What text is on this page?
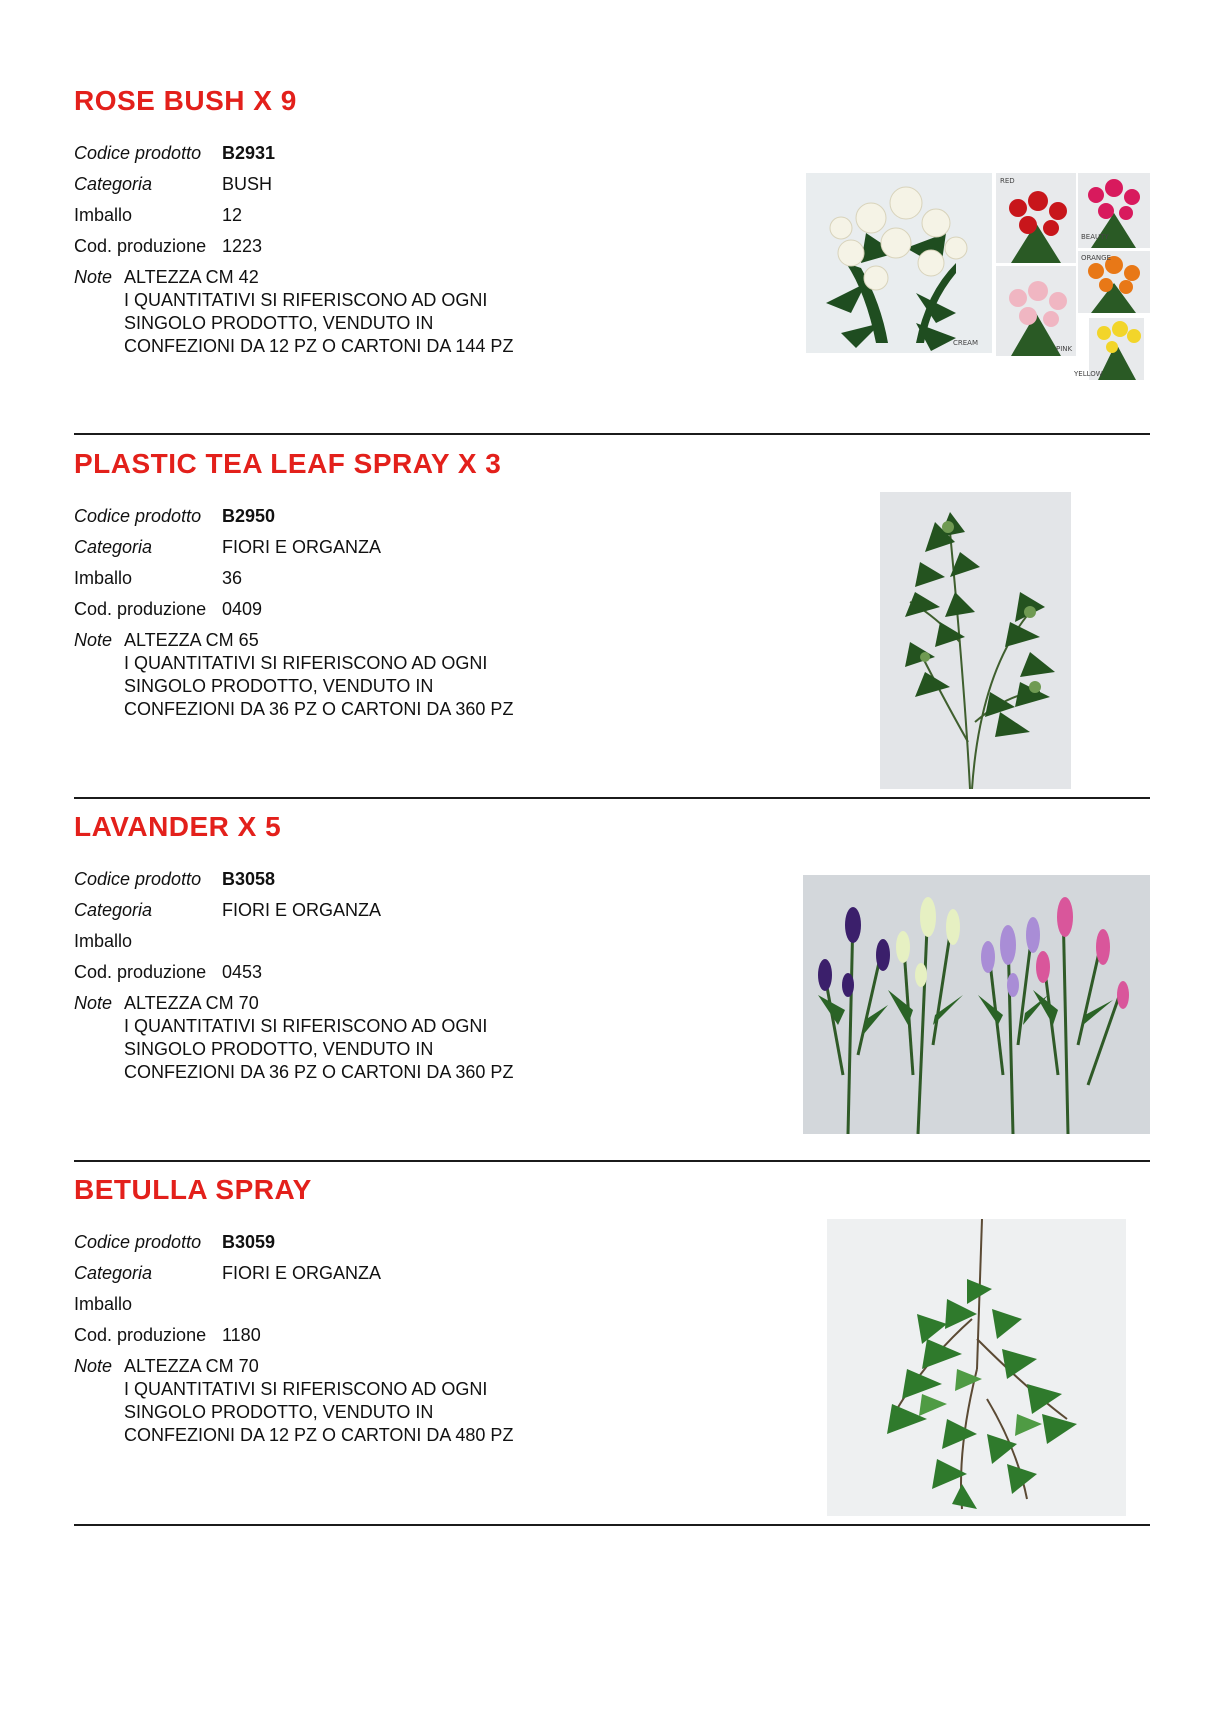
ROSE BUSH X 9
Codice prodotto B2931
Categoria	BUSH
Imballo	12
Cod. produzione 1223
Note ALTEZZA CM 42
I QUANTITATIVI SI RIFERISCONO AD OGNI
SINGOLO PRODOTTO, VENDUTO IN
CONFEZIONI DA 12 PZ O CARTONI DA 144 PZ	CREAM
RED
BEAUTY
ORANGE
PINK
YELLOW
PLASTIC TEA LEAF SPRAY X 3
Codice prodotto B2950
Categoria	FIORI E ORGANZA
Imballo	36
Cod. produzione 0409
Note ALTEZZA CM 65
I QUANTITATIVI SI RIFERISCONO AD OGNI
SINGOLO PRODOTTO, VENDUTO IN
CONFEZIONI DA 36 PZ O CARTONI DA 360 PZ
LAVANDER X 5
Codice prodotto B3058
Categoria	FIORI E ORGANZA
Imballo
Cod. produzione 0453
Note ALTEZZA CM 70
I QUANTITATIVI SI RIFERISCONO AD OGNI
SINGOLO PRODOTTO, VENDUTO IN
CONFEZIONI DA 36 PZ O CARTONI DA 360 PZ
BETULLA SPRAY
Codice prodotto B3059
Categoria	FIORI E ORGANZA
Imballo
Cod. produzione 1180
Note ALTEZZA CM 70
I QUANTITATIVI SI RIFERISCONO AD OGNI
SINGOLO PRODOTTO, VENDUTO IN
CONFEZIONI DA 12 PZ O CARTONI DA 480 PZ
